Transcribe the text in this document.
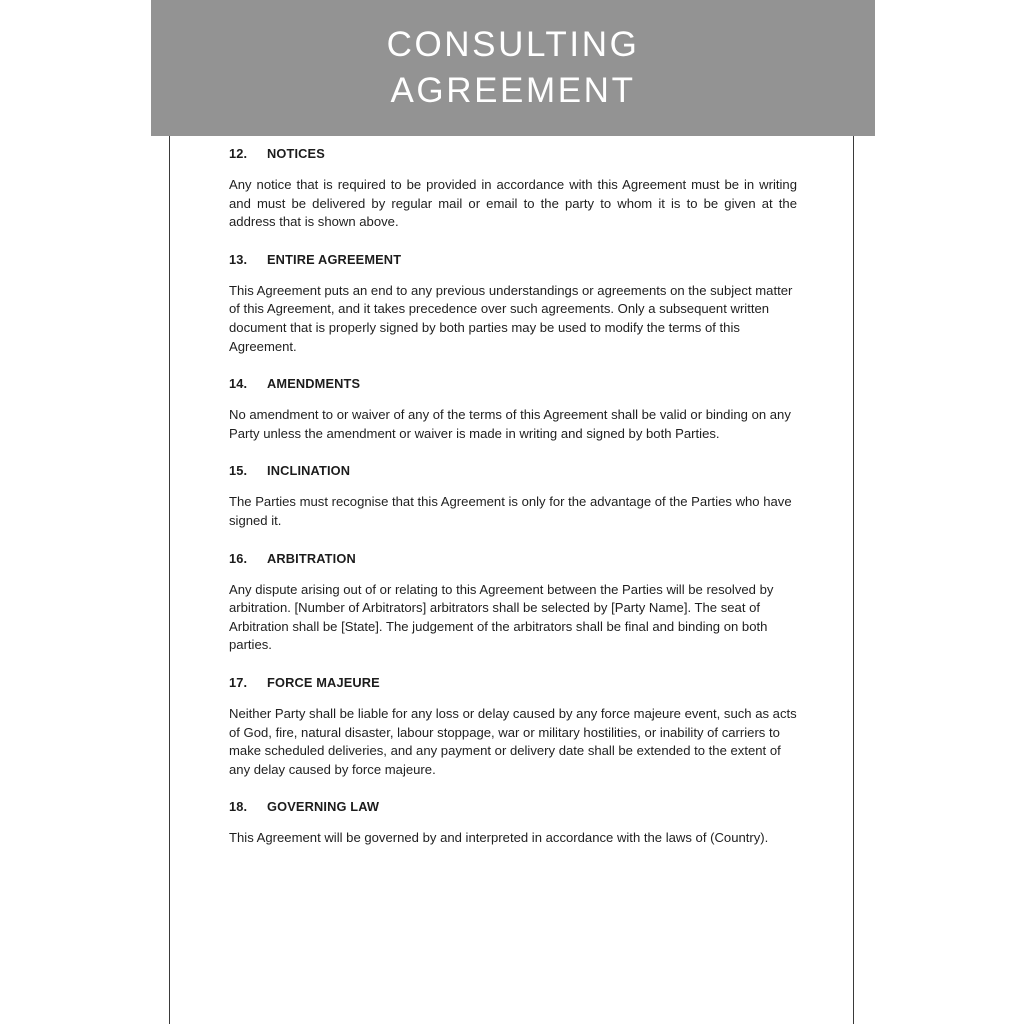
CONSULTING AGREEMENT
12.	NOTICES

Any notice that is required to be provided in accordance with this Agreement must be in writing and must be delivered by regular mail or email to the party to whom it is to be given at the address that is shown above.

13.	ENTIRE AGREEMENT

This Agreement puts an end to any previous understandings or agreements on the subject matter of this Agreement, and it takes precedence over such agreements. Only a subsequent written document that is properly signed by both parties may be used to modify the terms of this Agreement.

14.	AMENDMENTS

No amendment to or waiver of any of the terms of this Agreement shall be valid or binding on any Party unless the amendment or waiver is made in writing and signed by both Parties.

15.	INCLINATION

The Parties must recognise that this Agreement is only for the advantage of the Parties who have signed it.

16.	ARBITRATION

Any dispute arising out of or relating to this Agreement between the Parties will be resolved by arbitration. [Number of Arbitrators] arbitrators shall be selected by [Party Name]. The seat of Arbitration shall be [State]. The judgement of the arbitrators shall be final and binding on both parties.

17.	FORCE MAJEURE

Neither Party shall be liable for any loss or delay caused by any force majeure event, such as acts of God, fire, natural disaster, labour stoppage, war or military hostilities, or inability of carriers to make scheduled deliveries, and any payment or delivery date shall be extended to the extent of any delay caused by force majeure.

18.	GOVERNING LAW

This Agreement will be governed by and interpreted in accordance with the laws of (Country).
